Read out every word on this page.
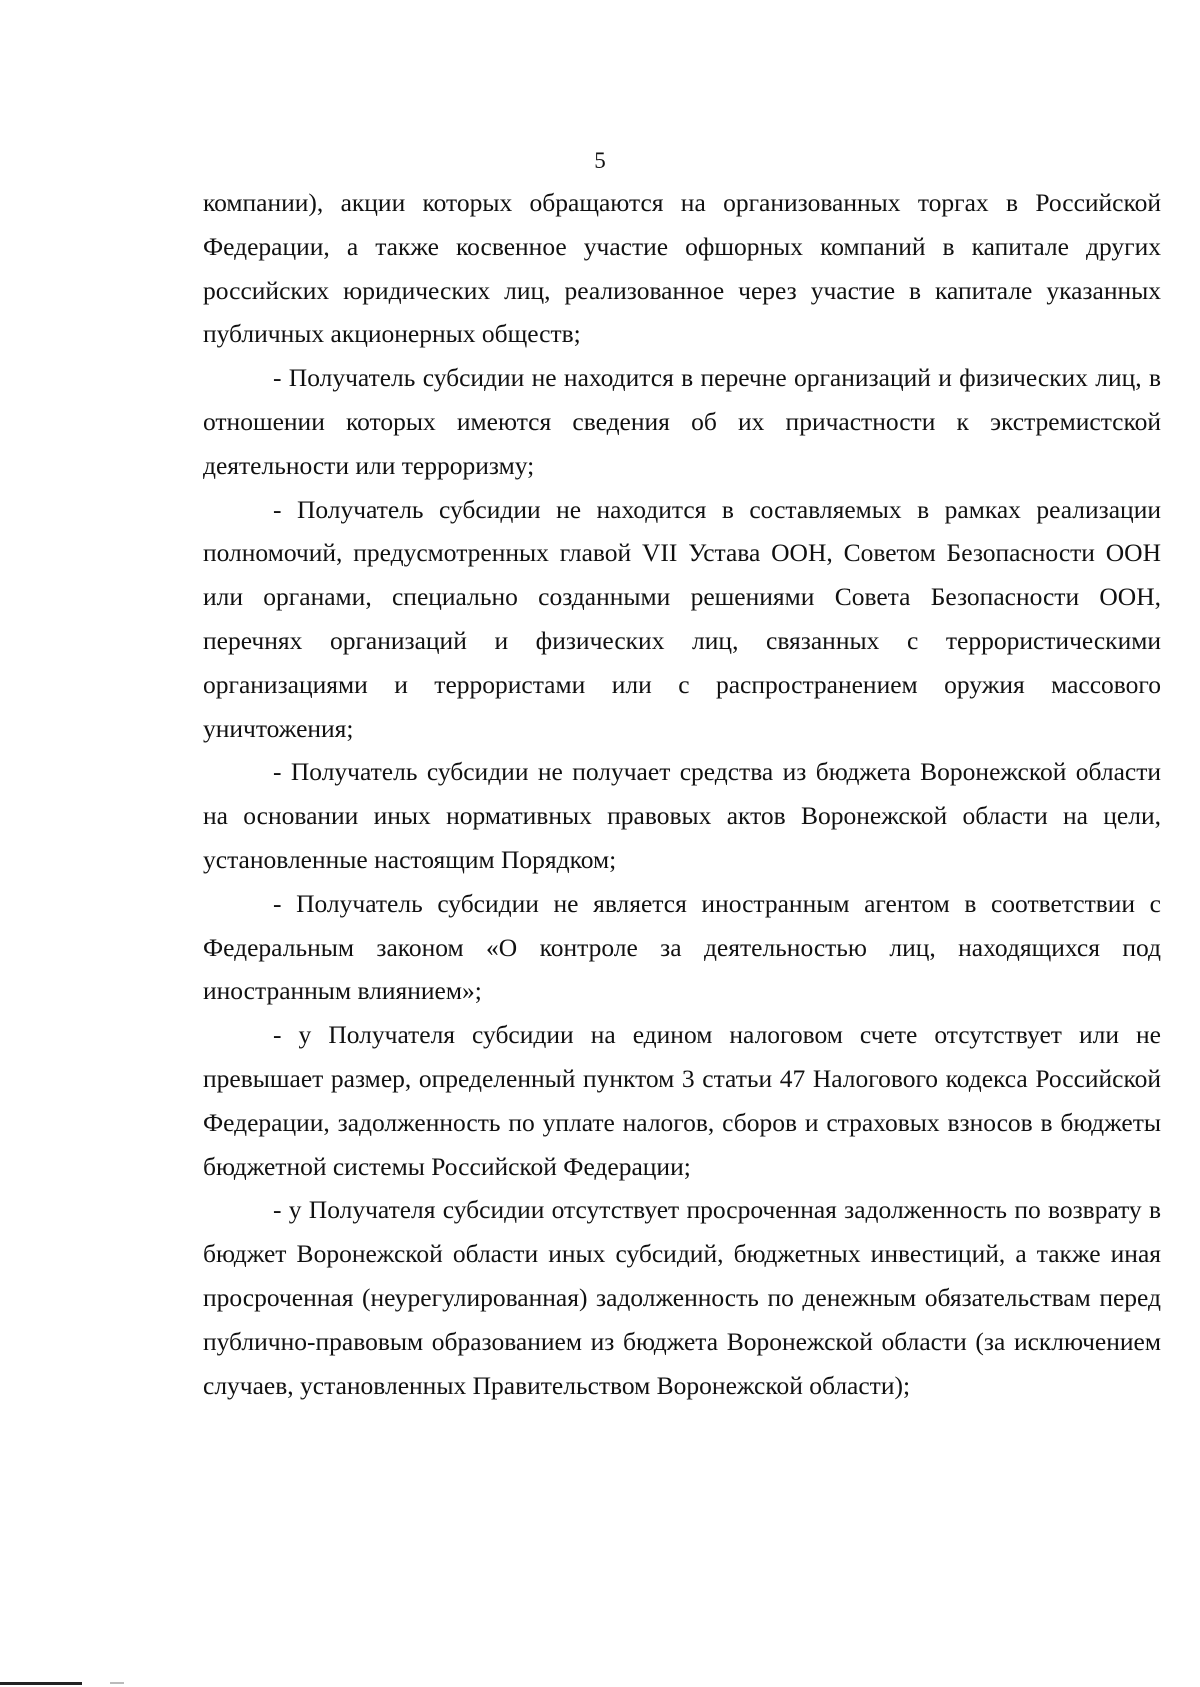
5

компании), акции которых обращаются на организованных торгах в Российской Федерации, а также косвенное участие офшорных компаний в капитале других российских юридических лиц, реализованное через участие в капитале указанных публичных акционерных обществ;

- Получатель субсидии не находится в перечне организаций и физических лиц, в отношении которых имеются сведения об их причастности к экстремистской деятельности или терроризму;

- Получатель субсидии не находится в составляемых в рамках реализации полномочий, предусмотренных главой VII Устава ООН, Советом Безопасности ООН или органами, специально созданными решениями Совета Безопасности ООН, перечнях организаций и физических лиц, связанных с террористическими организациями и террористами или с распространением оружия массового уничтожения;

- Получатель субсидии не получает средства из бюджета Воронежской области на основании иных нормативных правовых актов Воронежской области на цели, установленные настоящим Порядком;

- Получатель субсидии не является иностранным агентом в соответствии с Федеральным законом «О контроле за деятельностью лиц, находящихся под иностранным влиянием»;

- у Получателя субсидии на едином налоговом счете отсутствует или не превышает размер, определенный пунктом 3 статьи 47 Налогового кодекса Российской Федерации, задолженность по уплате налогов, сборов и страховых взносов в бюджеты бюджетной системы Российской Федерации;

- у Получателя субсидии отсутствует просроченная задолженность по возврату в бюджет Воронежской области иных субсидий, бюджетных инвестиций, а также иная просроченная (неурегулированная) задолженность по денежным обязательствам перед публично-правовым образованием из бюджета Воронежской области (за исключением случаев, установленных Правительством Воронежской области);
